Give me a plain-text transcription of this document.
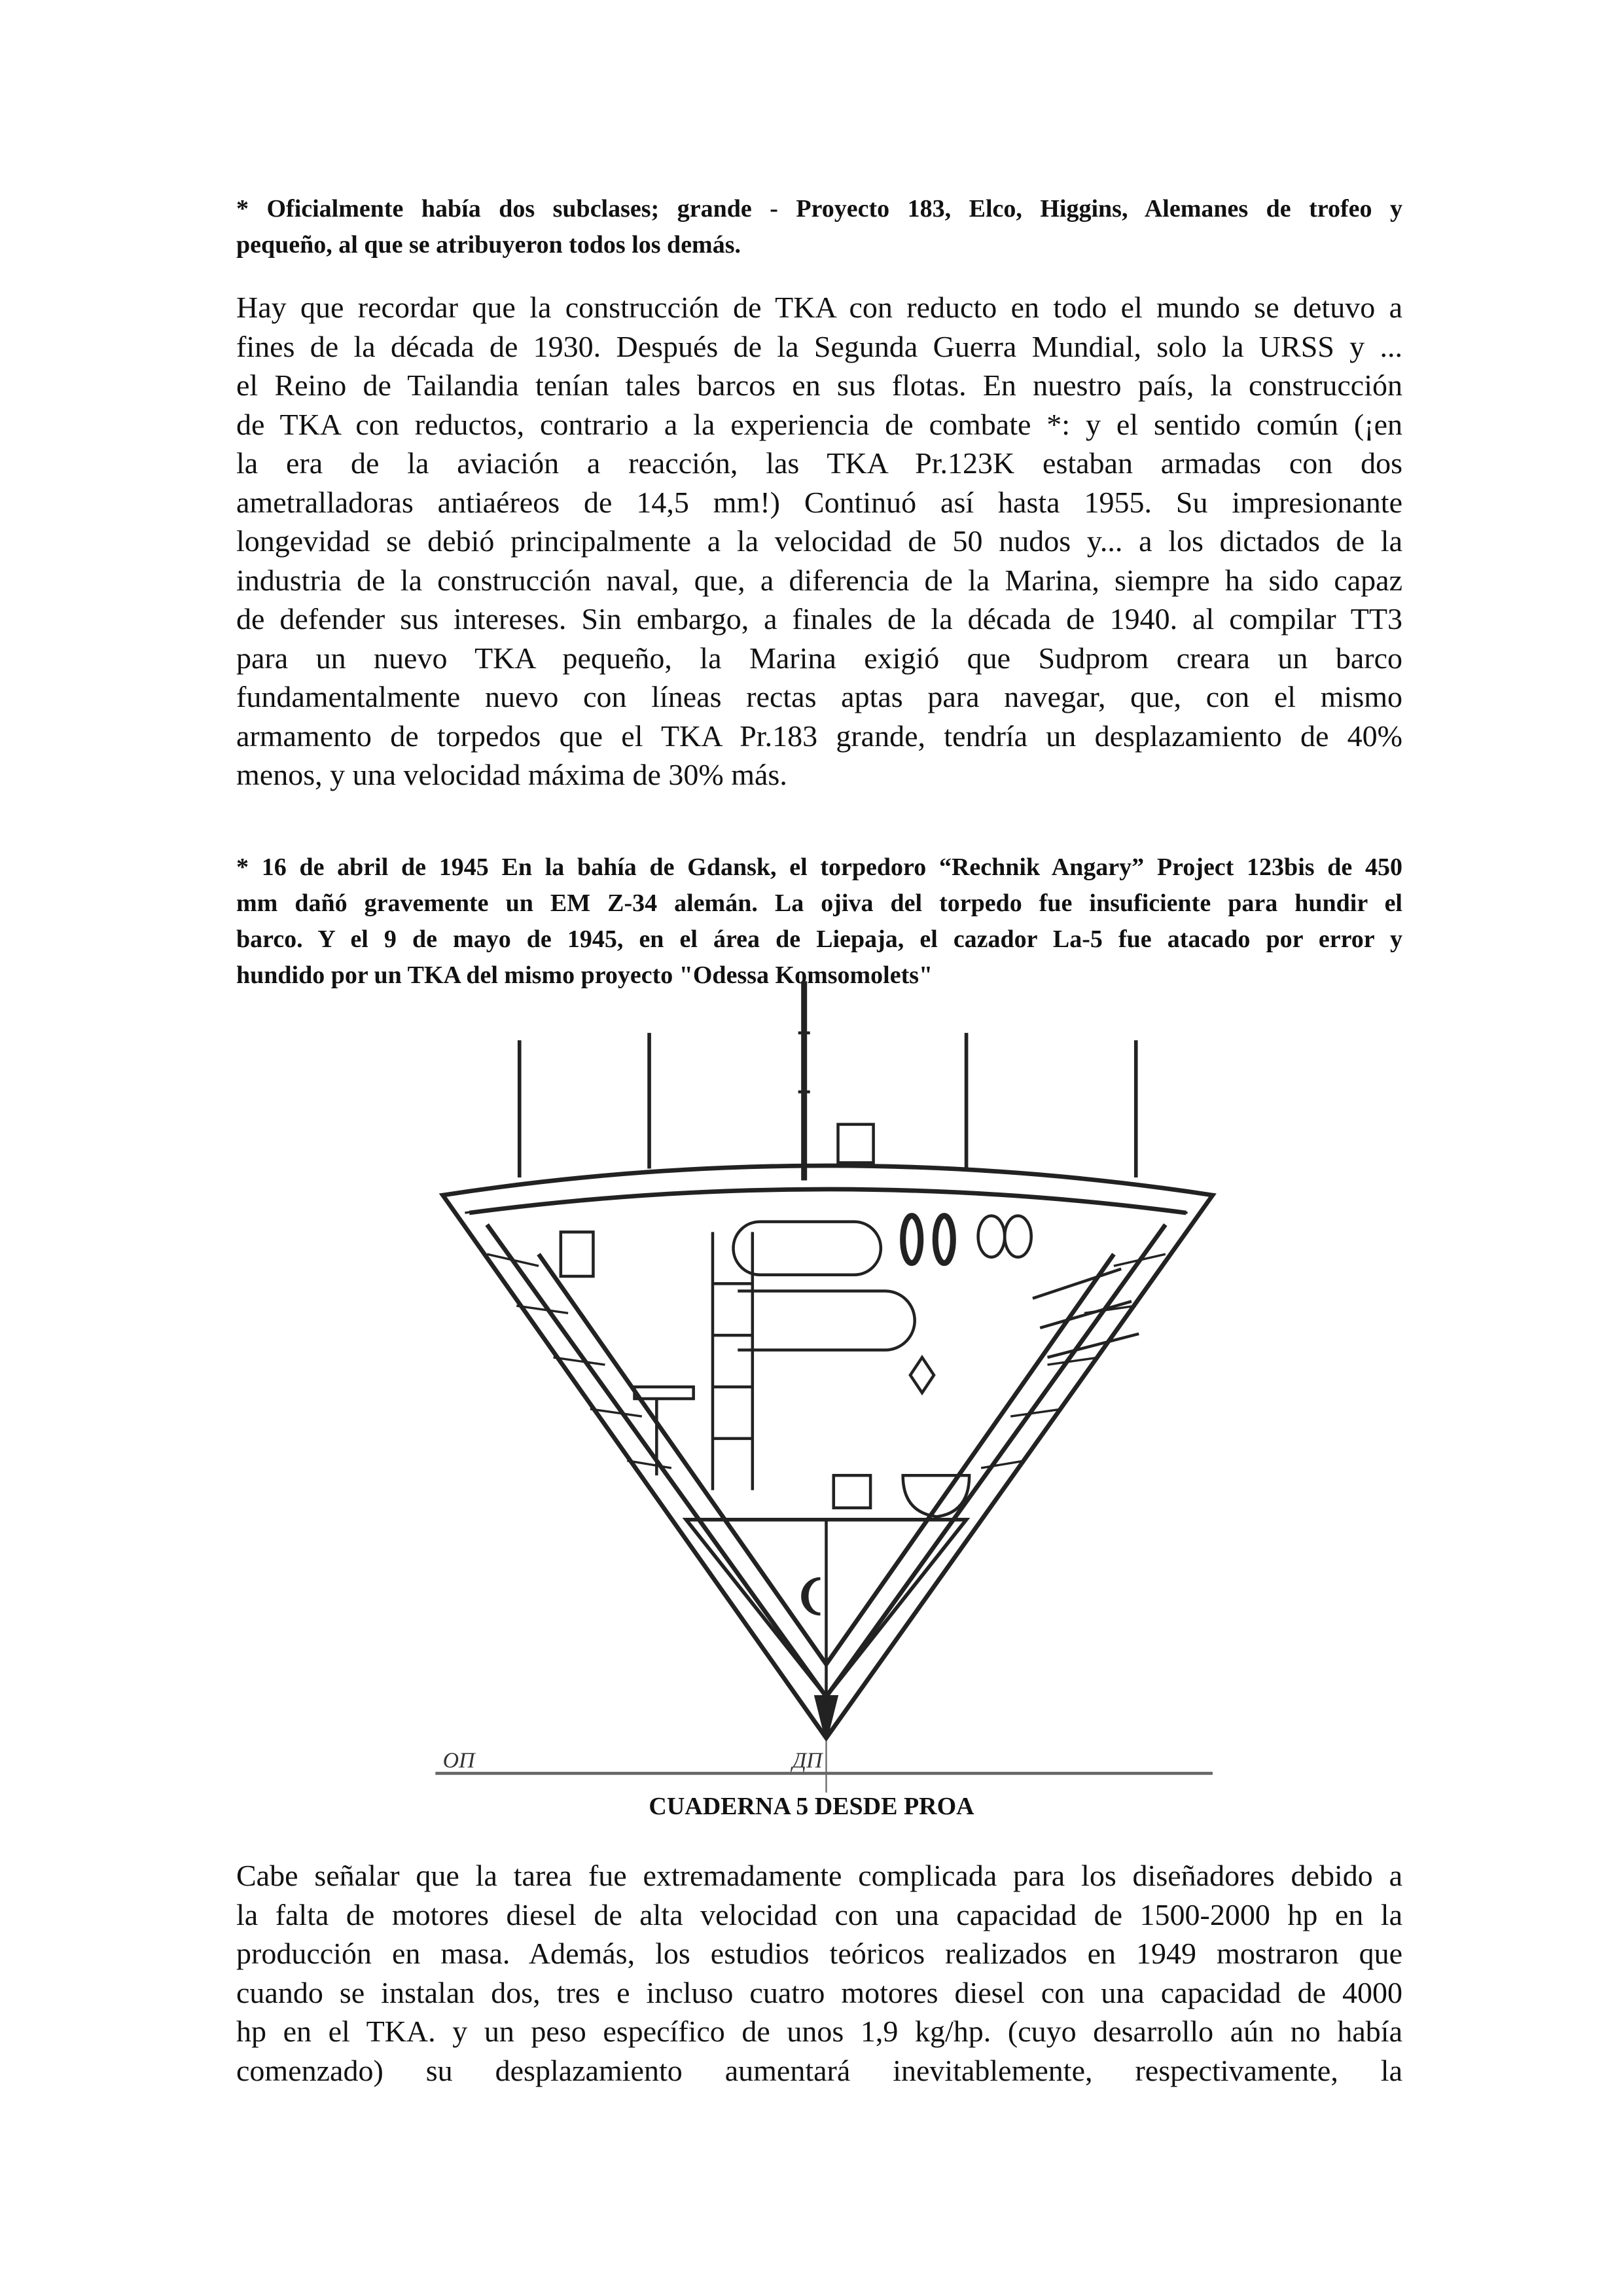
* Oficialmente había dos subclases; grande - Proyecto 183, Elco, Higgins, Alemanes de trofeo y
pequeño, al que se atribuyeron todos los demás.
Hay que recordar que la construcción de TKA con reducto en todo el mundo se detuvo a
fines de la década de 1930. Después de la Segunda Guerra Mundial, solo la URSS y ...
el Reino de Tailandia tenían tales barcos en sus flotas. En nuestro país, la construcción
de TKA con reductos, contrario a la experiencia de combate *: y el sentido común (¡en
la era de la aviación a reacción, las TKA Pr.123K estaban armadas con dos
ametralladoras antiaéreos de 14,5 mm!) Continuó así hasta 1955. Su impresionante
longevidad se debió principalmente a la velocidad de 50 nudos y... a los dictados de la
industria de la construcción naval, que, a diferencia de la Marina, siempre ha sido capaz
de defender sus intereses. Sin embargo, a finales de la década de 1940. al compilar TT3
para un nuevo TKA pequeño, la Marina exigió que Sudprom creara un barco
fundamentalmente nuevo con líneas rectas aptas para navegar, que, con el mismo
armamento de torpedos que el TKA Pr.183 grande, tendría un desplazamiento de 40%
menos, y una velocidad máxima de 30% más.
* 16 de abril de 1945 En la bahía de Gdansk, el torpedoro “Rechnik Angary” Project 123bis de 450
mm dañó gravemente un EM Z-34 alemán. La ojiva del torpedo fue insuficiente para hundir el
barco. Y el 9 de mayo de 1945, en el área de Liepaja, el cazador La-5 fue atacado por error y
hundido por un TKA del mismo proyecto "Odessa Komsomolets"
ОП	ДП
CUADERNA 5 DESDE PROA
Cabe señalar que la tarea fue extremadamente complicada para los diseñadores debido a
la falta de motores diesel de alta velocidad con una capacidad de 1500-2000 hp en la
producción en masa. Además, los estudios teóricos realizados en 1949 mostraron que
cuando se instalan dos, tres e incluso cuatro motores diesel con una capacidad de 4000
hp en el TKA. y un peso específico de unos 1,9 kg/hp. (cuyo desarrollo aún no había
comenzado) su desplazamiento aumentará inevitablemente, respectivamente, la
